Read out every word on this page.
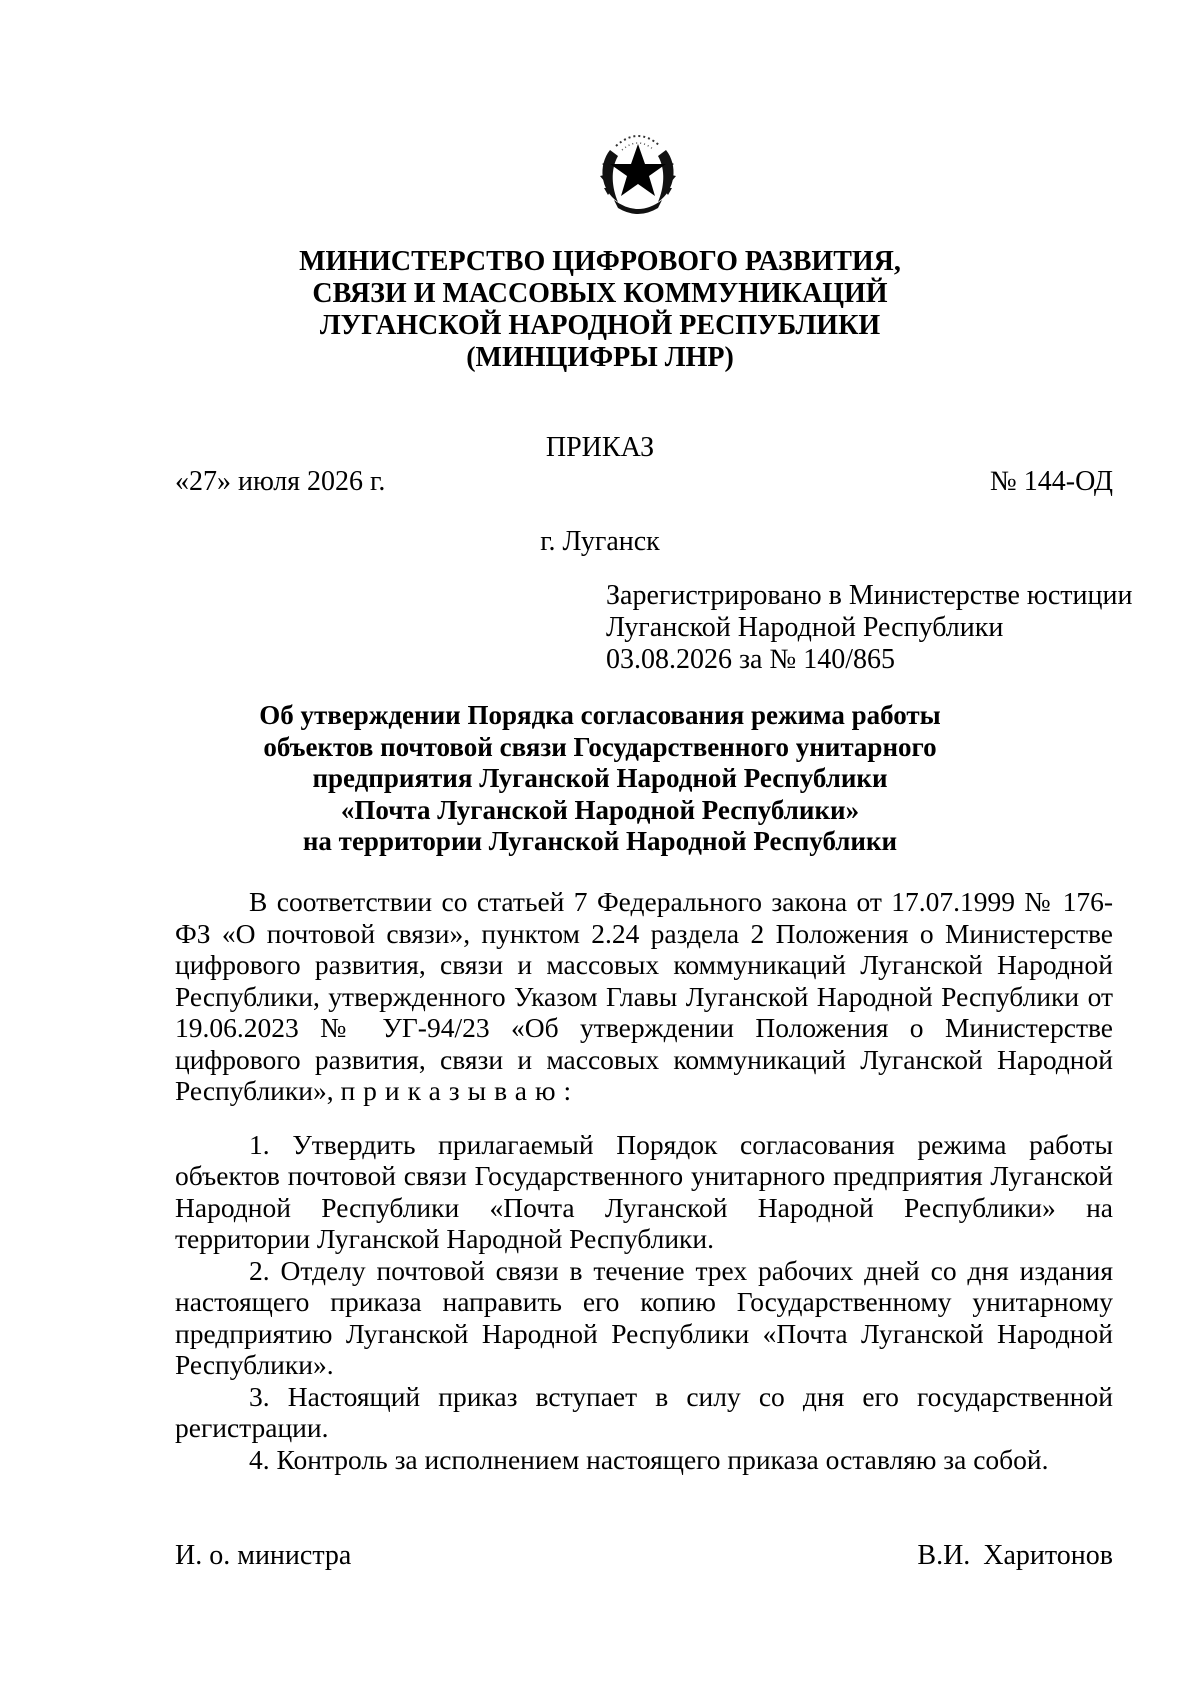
МИНИСТЕРСТВО ЦИФРОВОГО РАЗВИТИЯ,
СВЯЗИ И МАССОВЫХ КОММУНИКАЦИЙ
ЛУГАНСКОЙ НАРОДНОЙ РЕСПУБЛИКИ
(МИНЦИФРЫ ЛНР)
ПРИКАЗ
«27» июля 2026 г.	№ 144-ОД
г. Луганск
Зарегистрировано в Министерстве юстиции
Луганской Народной Республики
03.08.2026 за № 140/865
Об утверждении Порядка согласования режима работы
объектов почтовой связи Государственного унитарного
предприятия Луганской Народной Республики
«Почта Луганской Народной Республики»
на территории Луганской Народной Республики

В соответствии со статьей 7 Федерального закона от 17.07.1999 № 176-ФЗ «О почтовой связи», пунктом 2.24 раздела 2 Положения о Министерстве цифрового развития, связи и массовых коммуникаций Луганской Народной Республики, утвержденного Указом Главы Луганской Народной Республики от 19.06.2023 № УГ-94/23 «Об утверждении Положения о Министерстве цифрового развития, связи и массовых коммуникаций Луганской Народной Республики», приказываю:

1. Утвердить прилагаемый Порядок согласования режима работы объектов почтовой связи Государственного унитарного предприятия Луганской Народной Республики «Почта Луганской Народной Республики» на территории Луганской Народной Республики.

2. Отделу почтовой связи в течение трех рабочих дней со дня издания настоящего приказа направить его копию Государственному унитарному предприятию Луганской Народной Республики «Почта Луганской Народной Республики».

3. Настоящий приказ вступает в силу со дня его государственной регистрации.

4. Контроль за исполнением настоящего приказа оставляю за собой.

И. о. министра	В.И. Харитонов
